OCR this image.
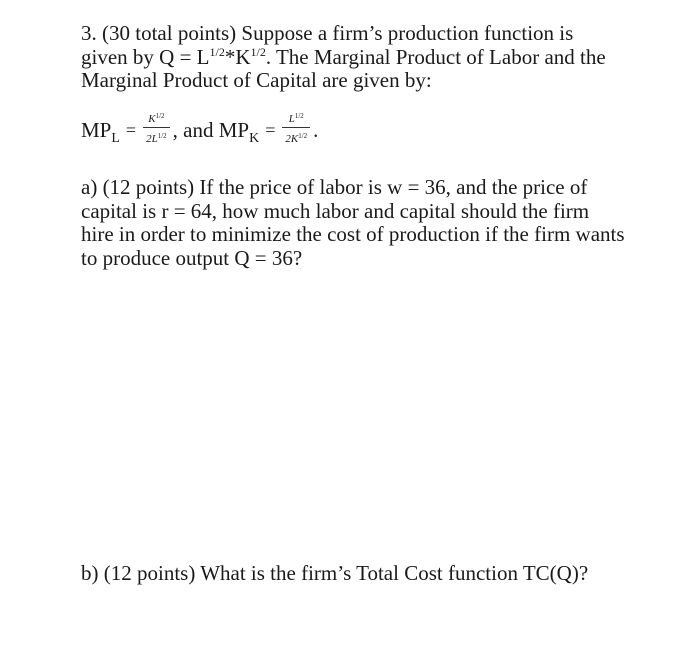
3. (30 total points) Suppose a firm’s production function is
given by $Q = L^{1/2}*K^{1/2}$. The Marginal Product of Labor and the
Marginal Product of Capital are given by:
$MP_L = \frac{K^{1/2}}{2L^{1/2}}$ , and $MP_K = \frac{L^{1/2}}{2K^{1/2}}$ .
a) (12 points) If the price of labor is w = 36, and the price of
capital is r = 64, how much labor and capital should the firm
hire in order to minimize the cost of production if the firm wants
to produce output Q = 36?
b) (12 points) What is the firm’s Total Cost function TC(Q)?
